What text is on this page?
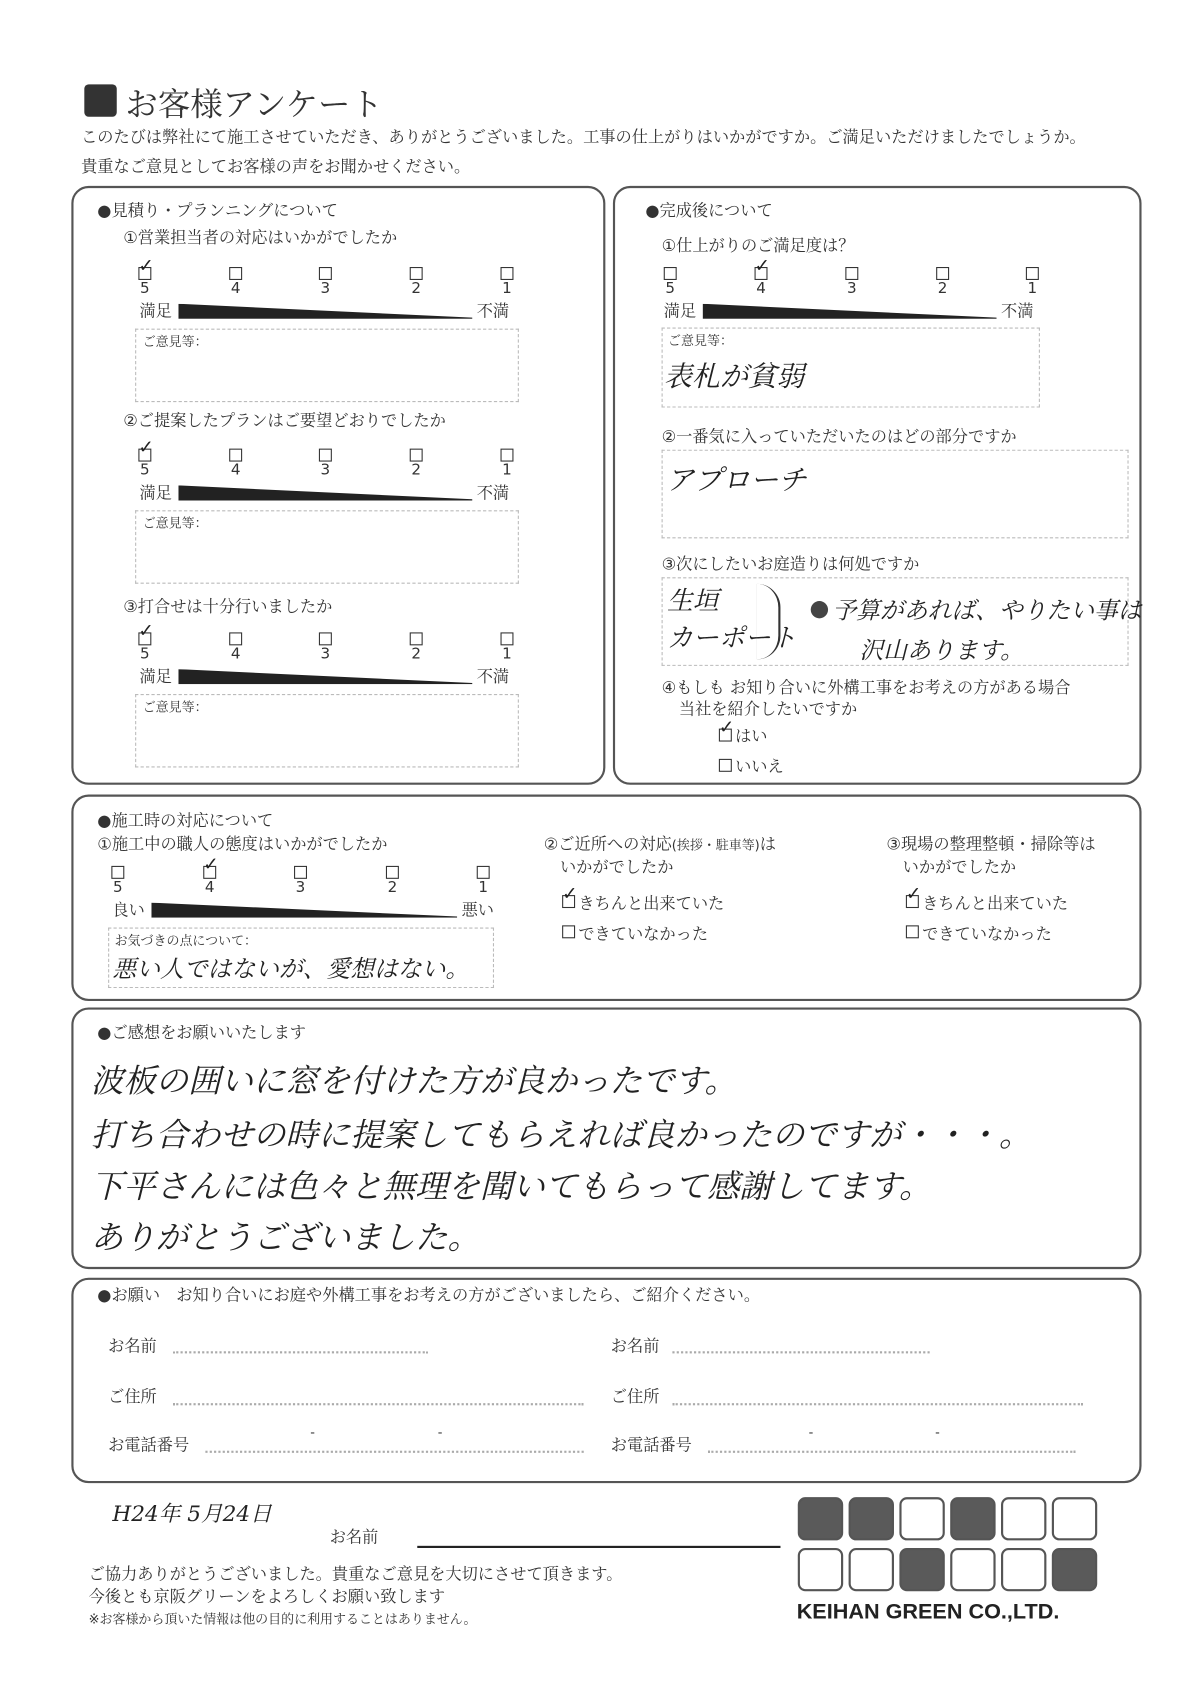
お客様アンケート
このたびは弊社にて施工させていただき、ありがとうございました。工事の仕上がりはいかがですか。ご満足いただけましたでしょうか。
貴重なご意見としてお客様の声をお聞かせください。
●見積り・プランニングについて	●完成後について
①仕上がりのご満足度は？
ご意見等：
表札が貧弱
②一番気に入っていただいたのはどの部分ですか
アプローチ
③次にしたいお庭造りは何処ですか
生垣
カーポート
予算があれば、やりたい事は
沢山あります。
④もしも お知り合いに外構工事をお考えの方がある場合
当社を紹介したいですか
✓
はい
いいえ
●施工時の対応について
①施工中の職人の態度はいかがでしたか
お気づきの点について：
悪い人ではないが、愛想はない。
②ご近所への対応(挨拶・駐車等)は
いかがでしたか
✓
きちんと出来ていた
できていなかった
③現場の整理整頓・掃除等は
いかがでしたか
✓
きちんと出来ていた
できていなかった
●ご感想をお願いいたします
波板の囲いに窓を付けた方が良かったです。
打ち合わせの時に提案してもらえれば良かったのですが・・・。
下平さんには色々と無理を聞いてもらって感謝してます。
ありがとうございました。
●お願い　お知り合いにお庭や外構工事をお考えの方がございましたら、ご紹介ください。
お名前	お名前
ご住所	ご住所
お電話番号
-	-
お電話番号
-	-
H24年 5月24日
お名前
ご協力ありがとうございました。貴重なご意見を大切にさせて頂きます。
今後とも京阪グリーンをよろしくお願い致します
※お客様から頂いた情報は他の目的に利用することはありません。	KEIHAN GREEN CO.,LTD.
①営業担当者の対応はいかがでしたか
✓
5	4	3	2	1
満足	不満
ご意見等：
②ご提案したプランはご要望どおりでしたか
✓
5	4	3	2	1
満足	不満
ご意見等：
③打合せは十分行いましたか
✓
5	4	3	2	1
満足	不満
ご意見等：
5
✓	4	3	2	1
満足	不満
5
✓	4	3	2	1
良い	悪い
